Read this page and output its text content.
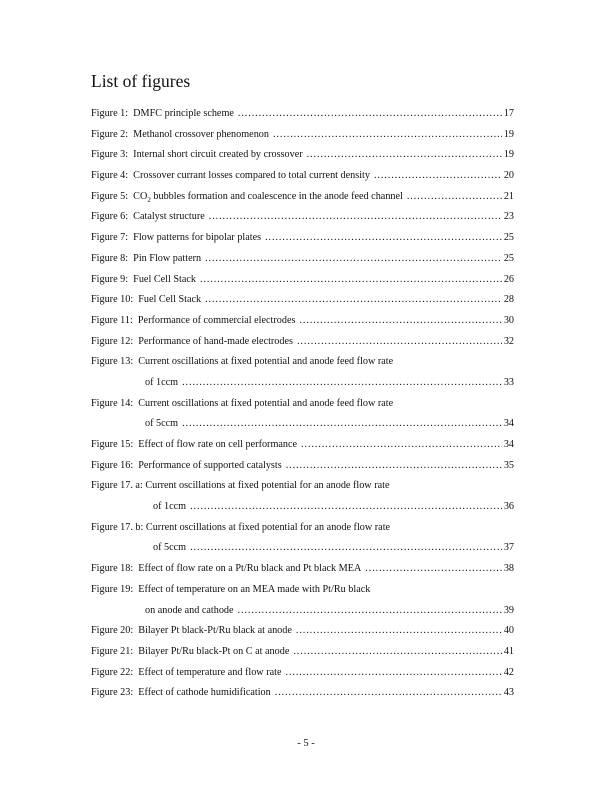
List of figures
Figure 1: DMFC principle scheme .....	17
Figure 2: Methanol crossover phenomenon .....	19
Figure 3: Internal short circuit created by crossover .....	19
Figure 4: Crossover currant losses compared to total current density .....	20
Figure 5: $CO_2$ bubbles formation and coalescence in the anode feed channel .....	21
Figure 6: Catalyst structure .....	23
Figure 7: Flow patterns for bipolar plates .....	25
Figure 8: Pin Flow pattern .....	25
Figure 9: Fuel Cell Stack .....	26
Figure 10: Fuel Cell Stack .....	28
Figure 11: Performance of commercial electrodes .....	30
Figure 12: Performance of hand-made electrodes .....	32
Figure 13: Current oscillations at fixed potential and anode feed flow rate
of 1ccm .....	33
Figure 14: Current oscillations at fixed potential and anode feed flow rate
of 5ccm .....	34
Figure 15: Effect of flow rate on cell performance .....	34
Figure 16: Performance of supported catalysts .....	35
Figure 17. a: Current oscillations at fixed potential for an anode flow rate
of 1ccm .....	36
Figure 17. b: Current oscillations at fixed potential for an anode flow rate
of 5ccm .....	37
Figure 18: Effect of flow rate on a Pt/Ru black and Pt black MEA .....	38
Figure 19: Effect of temperature on an MEA made with Pt/Ru black
on anode and cathode .....	39
Figure 20: Bilayer Pt black-Pt/Ru black at anode .....	40
Figure 21: Bilayer Pt/Ru black-Pt on C at anode .....	41
Figure 22: Effect of temperature and flow rate .....	42
Figure 23: Effect of cathode humidification .....	43
- 5 -
